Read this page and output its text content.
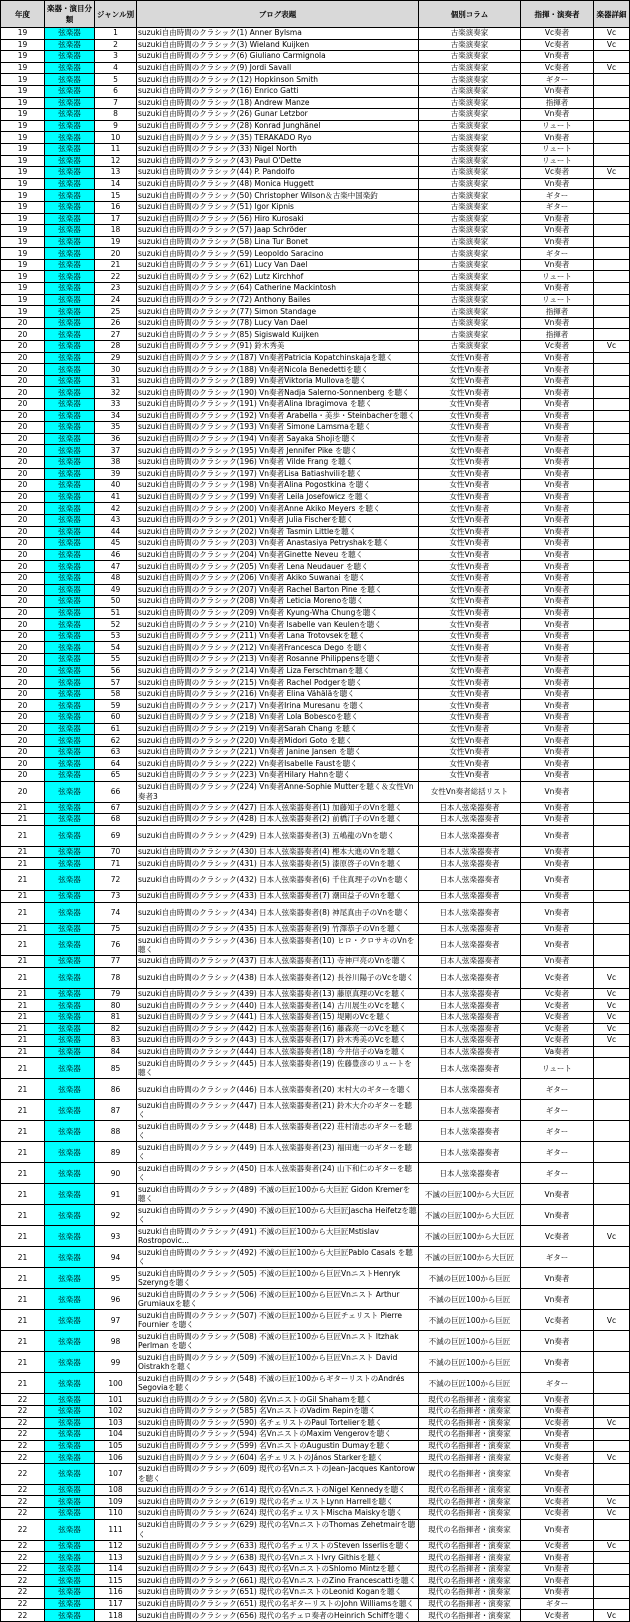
年度	楽器・演目分類	ジャンル別	ブログ表題	個別コラム	指揮・演奏者	楽器詳細
19	弦楽器	1	suzuki自由時間のクラシック(1) Anner Bylsma	古楽演奏家	Vc奏者	Vc
19	弦楽器	2	suzuki自由時間のクラシック(3) Wieland Kuijken	古楽演奏家	Vc奏者	Vc
19	弦楽器	3	suzuki自由時間のクラシック(6) Giuliano Carmignola	古楽演奏家	Vn奏者	
19	弦楽器	4	suzuki自由時間のクラシック(9) Jordi Savall	古楽演奏家	Vc奏者	Vc
19	弦楽器	5	suzuki自由時間のクラシック(12) Hopkinson Smith	古楽演奏家	ギター	
19	弦楽器	6	suzuki自由時間のクラシック(16) Enrico Gatti	古楽演奏家	Vn奏者	
19	弦楽器	7	suzuki自由時間のクラシック(18) Andrew Manze	古楽演奏家	指揮者	
19	弦楽器	8	suzuki自由時間のクラシック(26) Gunar Letzbor	古楽演奏家	Vn奏者	
19	弦楽器	9	suzuki自由時間のクラシック(28) Konrad Junghänel	古楽演奏家	リュート	
19	弦楽器	10	suzuki自由時間のクラシック(35) TERAKADO Ryo	古楽演奏家	Vn奏者	
19	弦楽器	11	suzuki自由時間のクラシック(33) Nigel North	古楽演奏家	リュート	
19	弦楽器	12	suzuki自由時間のクラシック(43) Paul O'Dette	古楽演奏家	リュート	
19	弦楽器	13	suzuki自由時間のクラシック(44) P. Pandolfo	古楽演奏家	Vc奏者	Vc
19	弦楽器	14	suzuki自由時間のクラシック(48) Monica Huggett	古楽演奏家	Vn奏者	
19	弦楽器	15	suzuki自由時間のクラシック(50) Christopher Wilson＆古楽中国楽釣	古楽演奏家	ギター	
19	弦楽器	16	suzuki自由時間のクラシック(51) Igor Kipnis	古楽演奏家	ギター	
19	弦楽器	17	suzuki自由時間のクラシック(56) Hiro Kurosaki	古楽演奏家	Vn奏者	
19	弦楽器	18	suzuki自由時間のクラシック(57) Jaap Schröder	古楽演奏家	Vn奏者	
19	弦楽器	19	suzuki自由時間のクラシック(58) Lina Tur Bonet	古楽演奏家	Vn奏者	
19	弦楽器	20	suzuki自由時間のクラシック(59) Leopoldo Saracino	古楽演奏家	ギター	
19	弦楽器	21	suzuki自由時間のクラシック(61) Lucy Van Dael	古楽演奏家	Vn奏者	
19	弦楽器	22	suzuki自由時間のクラシック(62) Lutz Kirchhof	古楽演奏家	リュート	
19	弦楽器	23	suzuki自由時間のクラシック(64) Catherine Mackintosh	古楽演奏家	Vn奏者	
19	弦楽器	24	suzuki自由時間のクラシック(72) Anthony Bailes	古楽演奏家	リュート	
19	弦楽器	25	suzuki自由時間のクラシック(77) Simon Standage	古楽演奏家	指揮者	
20	弦楽器	26	suzuki自由時間のクラシック(78) Lucy Van Dael	古楽演奏家	Vn奏者	
20	弦楽器	27	suzuki自由時間のクラシック(85) Sigiswald Kuijken	古楽演奏家	指揮者	
20	弦楽器	28	suzuki自由時間のクラシック(91) 鈴木秀美	古楽演奏家	Vc奏者	Vc
20	弦楽器	29	suzuki自由時間のクラシック(187) Vn奏者Patricia Kopatchinskajaを聴く	女性Vn奏者	Vn奏者	
20	弦楽器	30	suzuki自由時間のクラシック(188) Vn奏者Nicola Benedettiを聴く	女性Vn奏者	Vn奏者	
20	弦楽器	31	suzuki自由時間のクラシック(189) Vn奏者Viktoria Mullovaを聴く	女性Vn奏者	Vn奏者	
20	弦楽器	32	suzuki自由時間のクラシック(190) Vn奏者Nadja Salerno-Sonnenberg を聴く	女性Vn奏者	Vn奏者	
20	弦楽器	33	suzuki自由時間のクラシック(191) Vn奏者Alina Ibragimova を聴く	女性Vn奏者	Vn奏者	
20	弦楽器	34	suzuki自由時間のクラシック(192) Vn奏者 Arabella・美歩・Steinbacherを聴く	女性Vn奏者	Vn奏者	
20	弦楽器	35	suzuki自由時間のクラシック(193) Vn奏者 Simone Lamsmaを聴く	女性Vn奏者	Vn奏者	
20	弦楽器	36	suzuki自由時間のクラシック(194) Vn奏者 Sayaka Shojiを聴く	女性Vn奏者	Vn奏者	
20	弦楽器	37	suzuki自由時間のクラシック(195) Vn奏者 Jennifer Pike を聴く	女性Vn奏者	Vn奏者	
20	弦楽器	38	suzuki自由時間のクラシック(196) Vn奏者 Vilde Frang を聴く	女性Vn奏者	Vn奏者	
20	弦楽器	39	suzuki自由時間のクラシック(197) Vn奏者Lisa Batiashviliを聴く	女性Vn奏者	Vn奏者	
20	弦楽器	40	suzuki自由時間のクラシック(198) Vn奏者Alina Pogostkina を聴く	女性Vn奏者	Vn奏者	
20	弦楽器	41	suzuki自由時間のクラシック(199) Vn奏者 Leila Josefowicz を聴く	女性Vn奏者	Vn奏者	
20	弦楽器	42	suzuki自由時間のクラシック(200) Vn奏者Anne Akiko Meyers を聴く	女性Vn奏者	Vn奏者	
20	弦楽器	43	suzuki自由時間のクラシック(201) Vn奏者 Julia Fischerを聴く	女性Vn奏者	Vn奏者	
20	弦楽器	44	suzuki自由時間のクラシック(202) Vn奏者 Tasmin Littleを聴く	女性Vn奏者	Vn奏者	
20	弦楽器	45	suzuki自由時間のクラシック(203) Vn奏者 Anastasiya Petryshakを聴く	女性Vn奏者	Vn奏者	
20	弦楽器	46	suzuki自由時間のクラシック(204) Vn奏者Ginette Neveu を聴く	女性Vn奏者	Vn奏者	
20	弦楽器	47	suzuki自由時間のクラシック(205) Vn奏者 Lena Neudauer を聴く	女性Vn奏者	Vn奏者	
20	弦楽器	48	suzuki自由時間のクラシック(206) Vn奏者 Akiko Suwanai を聴く	女性Vn奏者	Vn奏者	
20	弦楽器	49	suzuki自由時間のクラシック(207) Vn奏者 Rachel Barton Pine を聴く	女性Vn奏者	Vn奏者	
20	弦楽器	50	suzuki自由時間のクラシック(208) Vn奏者 Leticia Morenoを聴く	女性Vn奏者	Vn奏者	
20	弦楽器	51	suzuki自由時間のクラシック(209) Vn奏者 Kyung-Wha Chungを聴く	女性Vn奏者	Vn奏者	
20	弦楽器	52	suzuki自由時間のクラシック(210) Vn奏者 Isabelle van Keulenを聴く	女性Vn奏者	Vn奏者	
20	弦楽器	53	suzuki自由時間のクラシック(211) Vn奏者 Lana Trotovsekを聴く	女性Vn奏者	Vn奏者	
20	弦楽器	54	suzuki自由時間のクラシック(212) Vn奏者Francesca Dego を聴く	女性Vn奏者	Vn奏者	
20	弦楽器	55	suzuki自由時間のクラシック(213) Vn奏者 Rosanne Philippensを聴く	女性Vn奏者	Vn奏者	
20	弦楽器	56	suzuki自由時間のクラシック(214) Vn奏者 Liza Ferschtmanを聴く	女性Vn奏者	Vn奏者	
20	弦楽器	57	suzuki自由時間のクラシック(215) Vn奏者 Rachel Podgerを聴く	女性Vn奏者	Vn奏者	
20	弦楽器	58	suzuki自由時間のクラシック(216) Vn奏者 Elina Vähäläを聴く	女性Vn奏者	Vn奏者	
20	弦楽器	59	suzuki自由時間のクラシック(217) Vn奏者Irina Muresanu を聴く	女性Vn奏者	Vn奏者	
20	弦楽器	60	suzuki自由時間のクラシック(218) Vn奏者 Lola Bobescoを聴く	女性Vn奏者	Vn奏者	
20	弦楽器	61	suzuki自由時間のクラシック(219) Vn奏者Sarah Chang を聴く	女性Vn奏者	Vn奏者	
20	弦楽器	62	suzuki自由時間のクラシック(220) Vn奏者Midori Goto を聴く	女性Vn奏者	Vn奏者	
20	弦楽器	63	suzuki自由時間のクラシック(221) Vn奏者 Janine Jansen を聴く	女性Vn奏者	Vn奏者	
20	弦楽器	64	suzuki自由時間のクラシック(222) Vn奏者Isabelle Faustを聴く	女性Vn奏者	Vn奏者	
20	弦楽器	65	suzuki自由時間のクラシック(223) Vn奏者Hilary Hahnを聴く	女性Vn奏者	Vn奏者	
20	弦楽器	66	suzuki自由時間のクラシック(224) Vn奏者Anne-Sophie Mutterを聴く＆女性Vn奏者3	女性Vn奏者総括リスト	Vn奏者	
21	弦楽器	67	suzuki自由時間のクラシック(427) 日本人弦楽器奏者(1) 加藤知子のVnを聴く	日本人弦楽器奏者	Vn奏者	
21	弦楽器	68	suzuki自由時間のクラシック(428) 日本人弦楽器奏者(2) 前橋汀子のVnを聴く	日本人弦楽器奏者	Vn奏者	
21	弦楽器	69	suzuki自由時間のクラシック(429) 日本人弦楽器奏者(3) 五嶋龍のVnを聴く	日本人弦楽器奏者	Vn奏者	
21	弦楽器	70	suzuki自由時間のクラシック(430) 日本人弦楽器奏者(4) 樫本大進のVnを聴く	日本人弦楽器奏者	Vn奏者	
21	弦楽器	71	suzuki自由時間のクラシック(431) 日本人弦楽器奏者(5) 漆原啓子のVnを聴く	日本人弦楽器奏者	Vn奏者	
21	弦楽器	72	suzuki自由時間のクラシック(432) 日本人弦楽器奏者(6) 千住真理子のVnを聴く	日本人弦楽器奏者	Vn奏者	
21	弦楽器	73	suzuki自由時間のクラシック(433) 日本人弦楽器奏者(7) 潮田益子のVnを聴く	日本人弦楽器奏者	Vn奏者	
21	弦楽器	74	suzuki自由時間のクラシック(434) 日本人弦楽器奏者(8) 神尾真由子のVnを聴く	日本人弦楽器奏者	Vn奏者	
21	弦楽器	75	suzuki自由時間のクラシック(435) 日本人弦楽器奏者(9) 竹澤恭子のVnを聴く	日本人弦楽器奏者	Vn奏者	
21	弦楽器	76	suzuki自由時間のクラシック(436) 日本人弦楽器奏者(10) ヒロ・クロサキのVnを聴く	日本人弦楽器奏者	Vn奏者	
21	弦楽器	77	suzuki自由時間のクラシック(437) 日本人弦楽器奏者(11) 寺神戸亮のVnを聴く	日本人弦楽器奏者	Vn奏者	
21	弦楽器	78	suzuki自由時間のクラシック(438) 日本人弦楽器奏者(12) 長谷川陽子のVcを聴く	日本人弦楽器奏者	Vc奏者	Vc
21	弦楽器	79	suzuki自由時間のクラシック(439) 日本人弦楽器奏者(13) 藤原真理のVcを聴く	日本人弦楽器奏者	Vc奏者	Vc
21	弦楽器	80	suzuki自由時間のクラシック(440) 日本人弦楽器奏者(14) 古川展生のVcを聴く	日本人弦楽器奏者	Vc奏者	Vc
21	弦楽器	81	suzuki自由時間のクラシック(441) 日本人弦楽器奏者(15) 堤剛のVcを聴く	日本人弦楽器奏者	Vc奏者	Vc
21	弦楽器	82	suzuki自由時間のクラシック(442) 日本人弦楽器奏者(16) 藤森亮一のVcを聴く	日本人弦楽器奏者	Vc奏者	Vc
21	弦楽器	83	suzuki自由時間のクラシック(443) 日本人弦楽器奏者(17) 鈴木秀美のVcを聴く	日本人弦楽器奏者	Vc奏者	Vc
21	弦楽器	84	suzuki自由時間のクラシック(444) 日本人弦楽器奏者(18) 今井信子のVaを聴く	日本人弦楽器奏者	Va奏者	
21	弦楽器	85	suzuki自由時間のクラシック(445) 日本人弦楽器奏者(19) 佐藤豊彦のリュートを聴く	日本人弦楽器奏者	リュート	
21	弦楽器	86	suzuki自由時間のクラシック(446) 日本人弦楽器奏者(20) 末村大のギターを聴く	日本人弦楽器奏者	ギター	
21	弦楽器	87	suzuki自由時間のクラシック(447) 日本人弦楽器奏者(21) 鈴木大介のギターを聴く	日本人弦楽器奏者	ギター	
21	弦楽器	88	suzuki自由時間のクラシック(448) 日本人弦楽器奏者(22) 荘村清志のギターを聴く	日本人弦楽器奏者	ギター	
21	弦楽器	89	suzuki自由時間のクラシック(449) 日本人弦楽器奏者(23) 福田進一のギターを聴く	日本人弦楽器奏者	ギター	
21	弦楽器	90	suzuki自由時間のクラシック(450) 日本人弦楽器奏者(24) 山下和仁のギターを聴く	日本人弦楽器奏者	ギター	
21	弦楽器	91	suzuki自由時間のクラシック(489) 不滅の巨匠100から大巨匠 Gidon Kremerを聴く	不滅の巨匠100から大巨匠	Vn奏者	
21	弦楽器	92	suzuki自由時間のクラシック(490) 不滅の巨匠100から大巨匠Jascha Heifetzを聴く	不滅の巨匠100から大巨匠	Vn奏者	
21	弦楽器	93	suzuki自由時間のクラシック(491) 不滅の巨匠100から大巨匠Mstislav Rostropovic...	不滅の巨匠100から大巨匠	Vc奏者	Vc
21	弦楽器	94	suzuki自由時間のクラシック(492) 不滅の巨匠100から大巨匠Pablo Casals を聴く	不滅の巨匠100から大巨匠	ギター	
21	弦楽器	95	suzuki自由時間のクラシック(505) 不滅の巨匠100から巨匠VnニストHenryk Szeryngを聴く	不滅の巨匠100から巨匠	Vn奏者	
21	弦楽器	96	suzuki自由時間のクラシック(506) 不滅の巨匠100から巨匠Vnニスト Arthur Grumiauxを聴く	不滅の巨匠100から巨匠	Vn奏者	
21	弦楽器	97	suzuki自由時間のクラシック(507) 不滅の巨匠100から巨匠チェリスト Pierre Fournier を聴く	不滅の巨匠100から巨匠	Vc奏者	Vc
21	弦楽器	98	suzuki自由時間のクラシック(508) 不滅の巨匠100から巨匠Vnニスト Itzhak Perlman を聴く	不滅の巨匠100から巨匠	Vn奏者	
21	弦楽器	99	suzuki自由時間のクラシック(509) 不滅の巨匠100から巨匠Vnニスト David Oistrakhを聴く	不滅の巨匠100から巨匠	Vn奏者	
21	弦楽器	100	suzuki自由時間のクラシック(548) 不滅の巨匠100からギターリストのAndrés Segoviaを聴く	不滅の巨匠100から巨匠	ギター	
22	弦楽器	101	suzuki自由時間のクラシック(580) 名VnニストのGil Shahamを聴く	現代の名指揮者・演奏家	Vn奏者	
22	弦楽器	102	suzuki自由時間のクラシック(585) 名VnニストのVadim Repinを聴く	現代の名指揮者・演奏家	Vn奏者	
22	弦楽器	103	suzuki自由時間のクラシック(590) 名チェリストのPaul Tortelierを聴く	現代の名指揮者・演奏家	Vc奏者	Vc
22	弦楽器	104	suzuki自由時間のクラシック(594) 名VnニストのMaxim Vengerovを聴く	現代の名指揮者・演奏家	Vn奏者	
22	弦楽器	105	suzuki自由時間のクラシック(599) 名VnニストのAugustin Dumayを聴く	現代の名指揮者・演奏家	Vn奏者	
22	弦楽器	106	suzuki自由時間のクラシック(604) 名チェリストのJános Starkerを聴く	現代の名指揮者・演奏家	Vc奏者	Vc
22	弦楽器	107	suzuki自由時間のクラシック(609) 現代の名VnニストのJean-Jacques Kantorowを聴く	現代の名指揮者・演奏家	Vn奏者	
22	弦楽器	108	suzuki自由時間のクラシック(614) 現代の名VnニストのNigel Kennedyを聴く	現代の名指揮者・演奏家	Vn奏者	
22	弦楽器	109	suzuki自由時間のクラシック(619) 現代の名チェリストLynn Harrellを聴く	現代の名指揮者・演奏家	Vc奏者	Vc
22	弦楽器	110	suzuki自由時間のクラシック(624) 現代の名チェリストMischa Maiskyを聴く	現代の名指揮者・演奏家	Vc奏者	Vc
22	弦楽器	111	suzuki自由時間のクラシック(629) 現代の名VnニストのThomas Zehetmairを聴く	現代の名指揮者・演奏家	Vn奏者	
22	弦楽器	112	suzuki自由時間のクラシック(633) 現代の名チェリストのSteven Isserlisを聴く	現代の名指揮者・演奏家	Vc奏者	Vc
22	弦楽器	113	suzuki自由時間のクラシック(638) 現代の名VnニストIvry Githisを聴く	現代の名指揮者・演奏家	Vn奏者	
22	弦楽器	114	suzuki自由時間のクラシック(643) 現代の名VnニストのShlomo Mintzを聴く	現代の名指揮者・演奏家	Vn奏者	
22	弦楽器	115	suzuki自由時間のクラシック(661) 現代の名VnニストのZino Francescattiを聴く	現代の名指揮者・演奏家	Vn奏者	
22	弦楽器	116	suzuki自由時間のクラシック(651) 現代の名VnニストのLeonid Koganを聴く	現代の名指揮者・演奏家	Vn奏者	
22	弦楽器	117	suzuki自由時間のクラシック(651) 現代の名ギターリストのJohn Williamsを聴く	現代の名指揮者・演奏家	ギター	
22	弦楽器	118	suzuki自由時間のクラシック(656) 現代の名チェロ奏者のHeinrich Schiffを聴く	現代の名指揮者・演奏家	Vc奏者	Vc
